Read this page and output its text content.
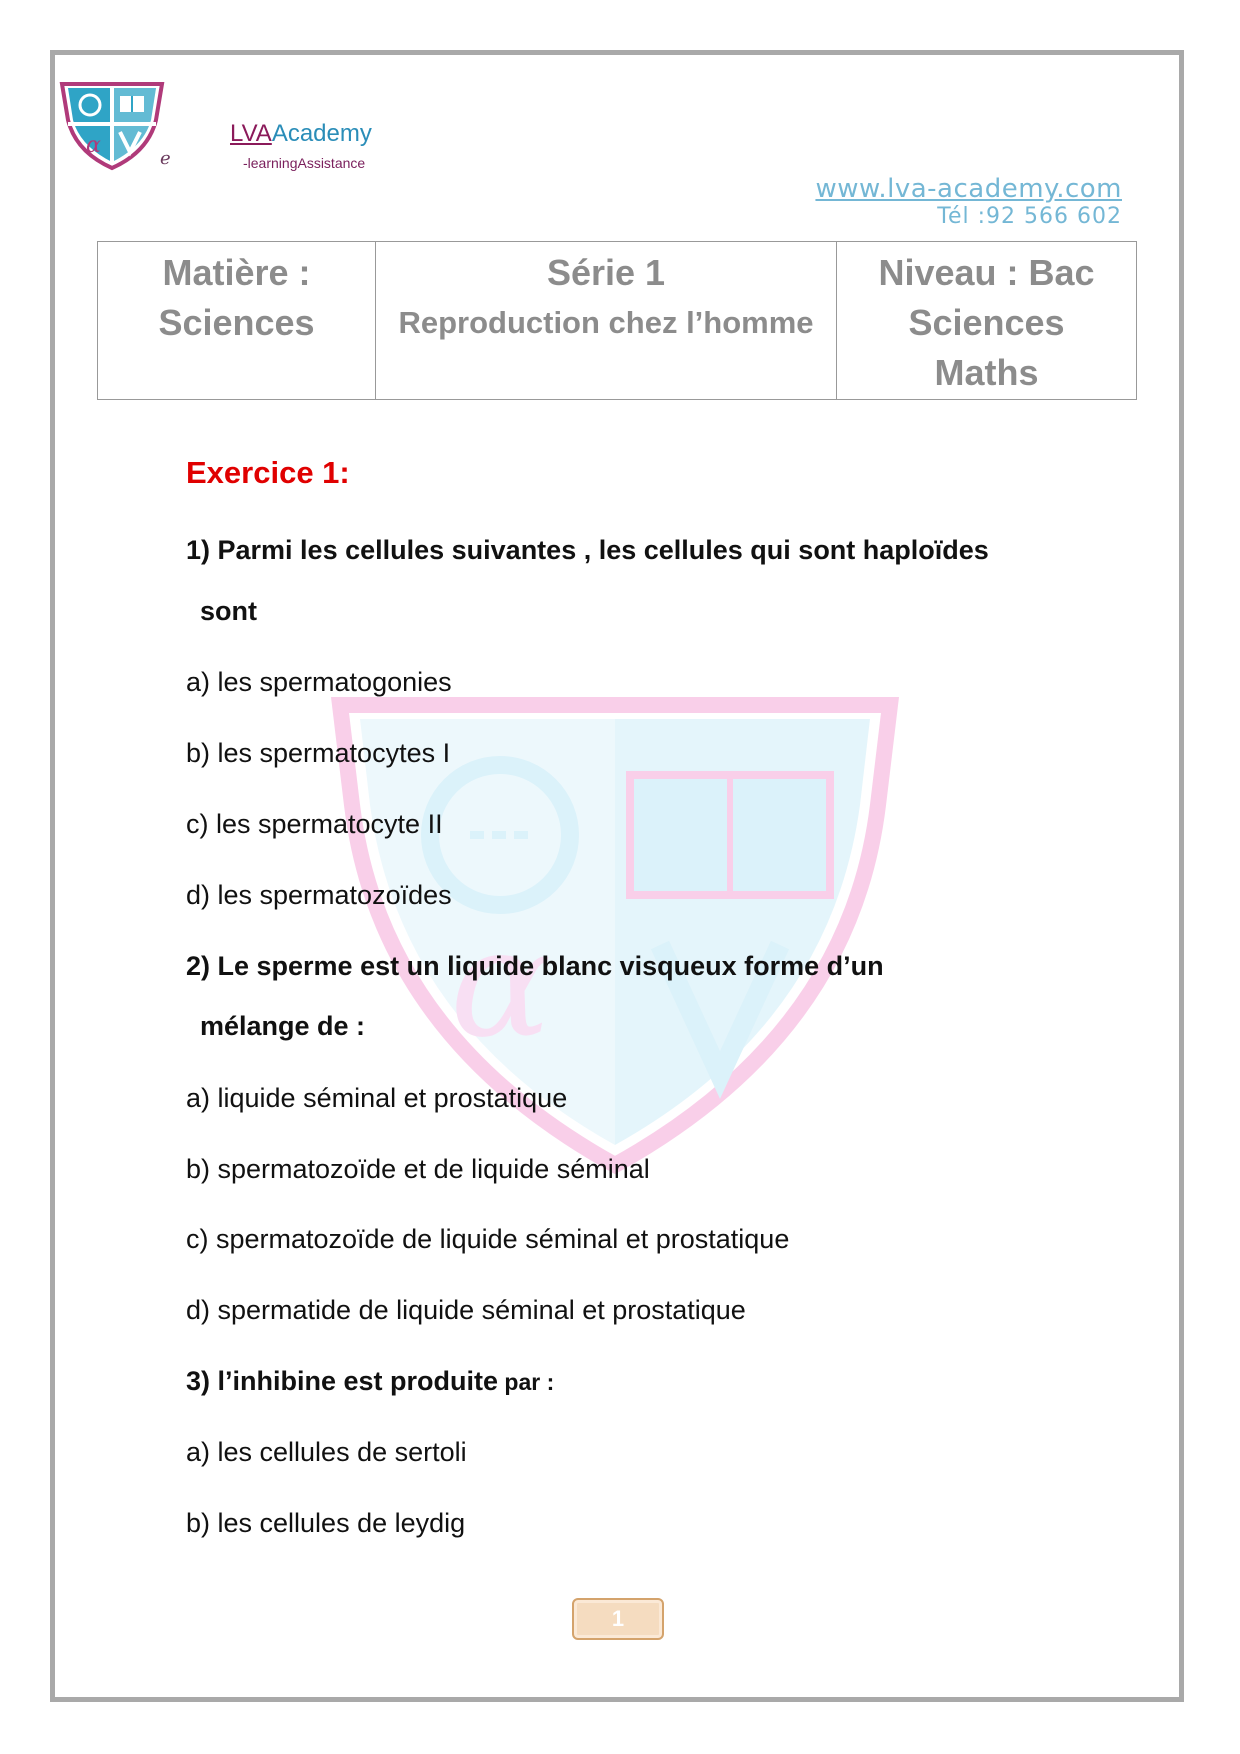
α
e
LVAAcademy
-learningAssistance
www.lva-academy.com
Tél :92 566 602
Matière :
Sciences

Série 1
Reproduction chez l’homme

Niveau : Bac
Sciences
Maths
α
Exercice 1:
1) Parmi les cellules suivantes , les cellules qui sont haploïdes
sont
a) les spermatogonies
b) les spermatocytes I
c) les spermatocyte II
d) les spermatozoïdes
2) Le sperme est un liquide blanc visqueux forme d’un
mélange de :
a) liquide séminal et prostatique
b) spermatozoïde et de liquide séminal
c) spermatozoïde de liquide séminal et prostatique
d) spermatide de liquide séminal et prostatique
3) l’inhibine est produite par :
a) les cellules de sertoli
b) les cellules de leydig
1
